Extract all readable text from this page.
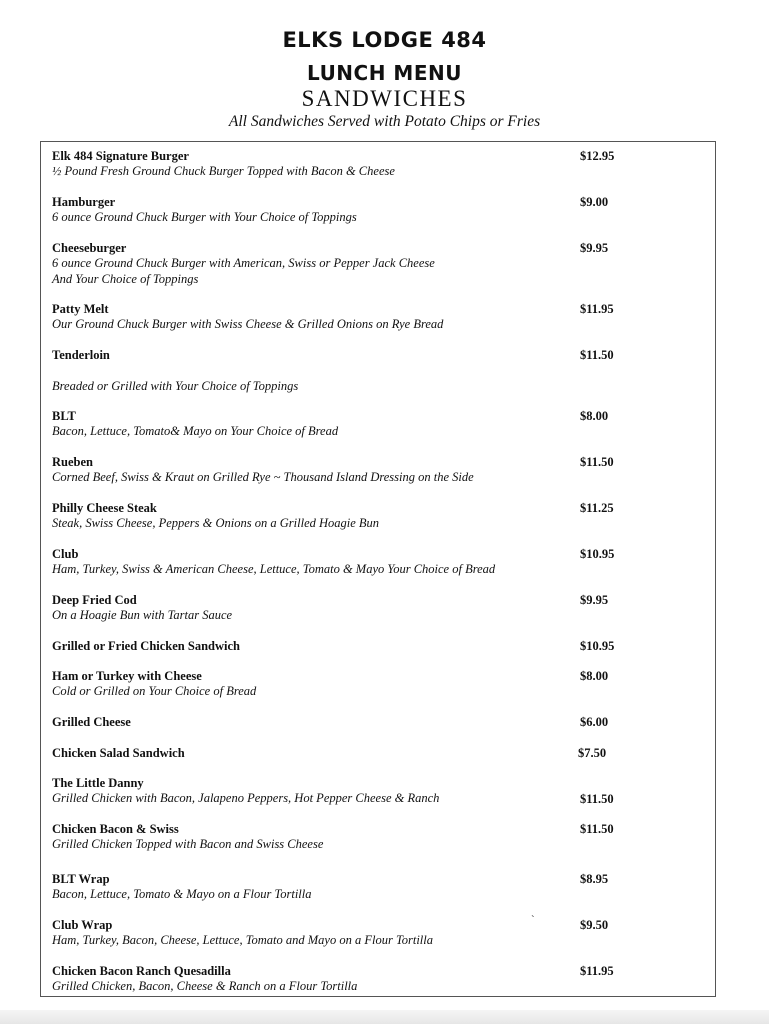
ELKS LODGE 484
LUNCH MENU
SANDWICHES
All Sandwiches Served with Potato Chips or Fries
Elk 484 Signature Burger
½ Pound Fresh Ground Chuck Burger Topped with Bacon & Cheese
$12.95
Hamburger
6 ounce Ground Chuck Burger with Your Choice of Toppings
$9.00
Cheeseburger
6 ounce Ground Chuck Burger with American, Swiss or Pepper Jack Cheese
And Your Choice of Toppings
$9.95
Patty Melt
Our Ground Chuck Burger with Swiss Cheese & Grilled Onions on Rye Bread
$11.95
Tenderloin
Breaded or Grilled with Your Choice of Toppings
$11.50
BLT
Bacon, Lettuce, Tomato& Mayo on Your Choice of Bread
$8.00
Rueben
Corned Beef, Swiss & Kraut on Grilled Rye ~ Thousand Island Dressing on the Side
$11.50
Philly Cheese Steak
Steak, Swiss Cheese, Peppers & Onions on a Grilled Hoagie Bun
$11.25
Club
Ham, Turkey, Swiss & American Cheese, Lettuce, Tomato & Mayo Your Choice of Bread
$10.95
Deep Fried Cod
On a Hoagie Bun with Tartar Sauce
$9.95
Grilled or Fried Chicken Sandwich	$10.95
Ham or Turkey with Cheese
Cold or Grilled on Your Choice of Bread
$8.00
Grilled Cheese	$6.00
Chicken Salad Sandwich	$7.50
The Little Danny
Grilled Chicken with Bacon, Jalapeno Peppers, Hot Pepper Cheese & Ranch	$11.50
Chicken Bacon & Swiss
Grilled Chicken Topped with Bacon and Swiss Cheese
$11.50
BLT Wrap
Bacon, Lettuce, Tomato & Mayo on a Flour Tortilla
$8.95
Club Wrap
Ham, Turkey, Bacon, Cheese, Lettuce, Tomato and Mayo on a Flour Tortilla
$9.50
`
Chicken Bacon Ranch Quesadilla
Grilled Chicken, Bacon, Cheese & Ranch on a Flour Tortilla
$11.95
